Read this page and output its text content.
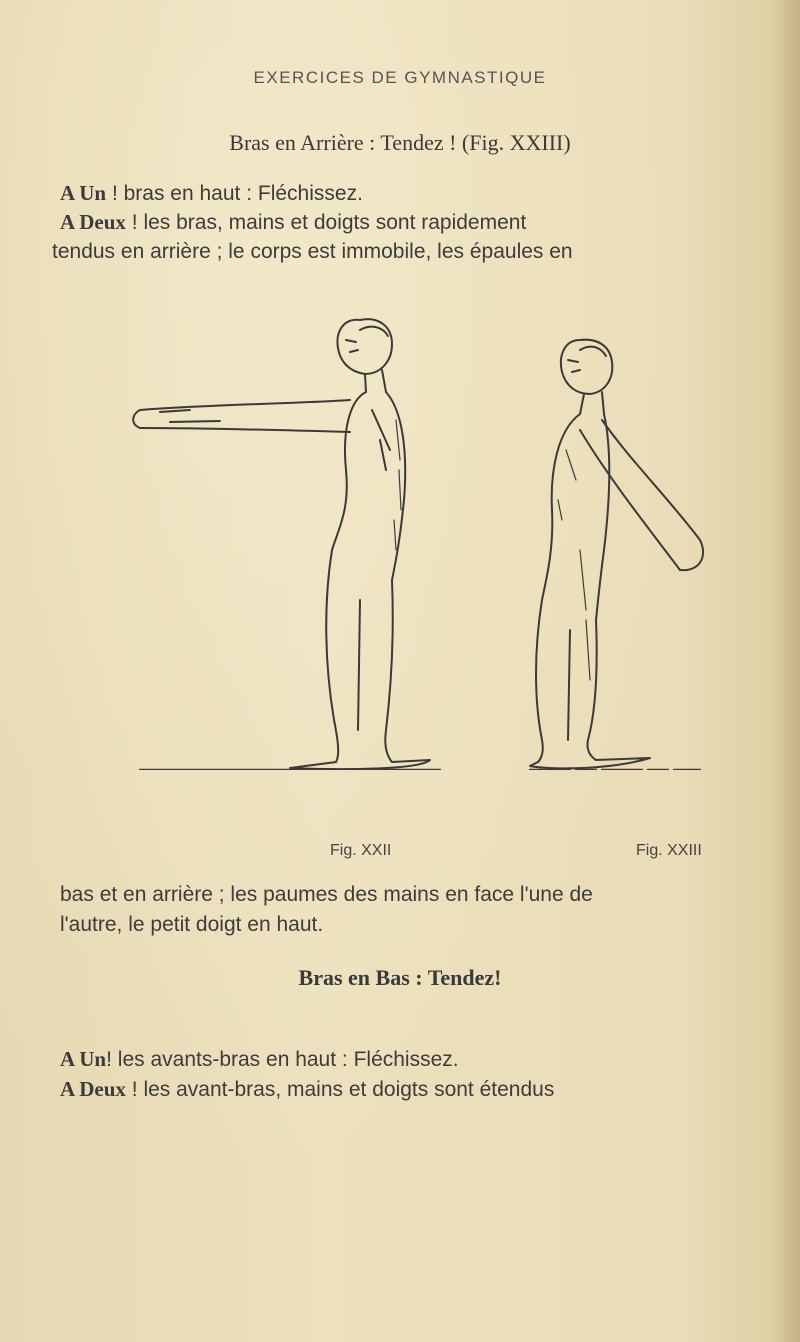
EXERCICES DE GYMNASTIQUE
Bras en Arrière : Tendez ! (Fig. XXIII)

A Un ! bras en haut : Fléchissez.

A Deux ! les bras, mains et doigts sont rapidement

tendus en arrière ; le corps est immobile, les épaules en

Fig. XXII	Fig. XXIII

bas et en arrière ; les paumes des mains en face l'une de

l'autre, le petit doigt en haut.

Bras en Bas : Tendez!

A Un! les avants-bras en haut : Fléchissez.

A Deux ! les avant-bras, mains et doigts sont étendus
